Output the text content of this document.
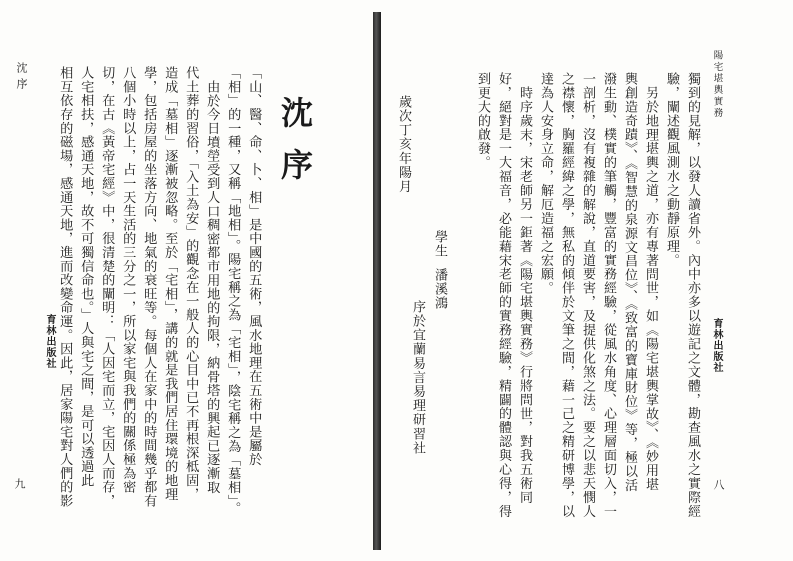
沈序
九
育林出版社	「山、醫、命、卜、相」是中國的五術，風水地理在五術中是屬於
「相」的一種，又稱「地相」。陽宅稱之為「宅相」，陰宅稱之為「墓相」。
由於今日墳塋受到人口稠密都市用地的拘限，納骨塔的興起已逐漸取
代土葬的習俗，「入土為安」的觀念在一般人的心目中已不再根深柢固，
造成「墓相」逐漸被忽略。至於「宅相」，講的就是我們居住環境的地理
學，包括房屋的坐落方向、地氣的衰旺等。每個人在家中的時間幾乎都有
八個小時以上，占一天生活的三分之一，所以家宅與我們的關係極為密
切，在古《黃帝宅經》中，很清楚的闡明：「人因宅而立，宅因人而存，
人宅相扶，感通天地，故不可獨信命也。」人與宅之間，是可以透過此
相互依存的磁場，感通天地，進而改變命運。因此，居家陽宅對人們的影	沈序
陽宅堪輿實務
育林出版社
八
獨到的見解，以發人讀省外。內中亦多以遊記之文體，勘查風水之實際經
驗，闡述觀風測水之動靜原理。
另於地理堪輿之道，亦有專著問世，如《陽宅堪輿掌故》、《妙用堪
輿創造奇蹟》、《智慧的泉源文昌位》、《致富的寶庫財位》等，極以活
潑生動、樸實的筆觸，豐富的實務經驗，從風水角度、心理層面切入，一
一剖析，沒有複雜的解說，直道要害，及提供化煞之法。要之以悲天憫人
之襟懷，胸羅經緯之學，無私的傾伴於文筆之間，藉一己之精研博學，以
達為人安身立命，解厄造福之宏願。
時序歲末，宋老師另一鉅著《陽宅堪輿實務》行將問世，對我五術同
好，絕對是一大福音，必能藉宋老師的實務經驗，精闢的體認與心得，得
到更大的啟發。
學生
潘溪鴻
序於宜蘭易言易理研習社
歲次丁亥年陽月
